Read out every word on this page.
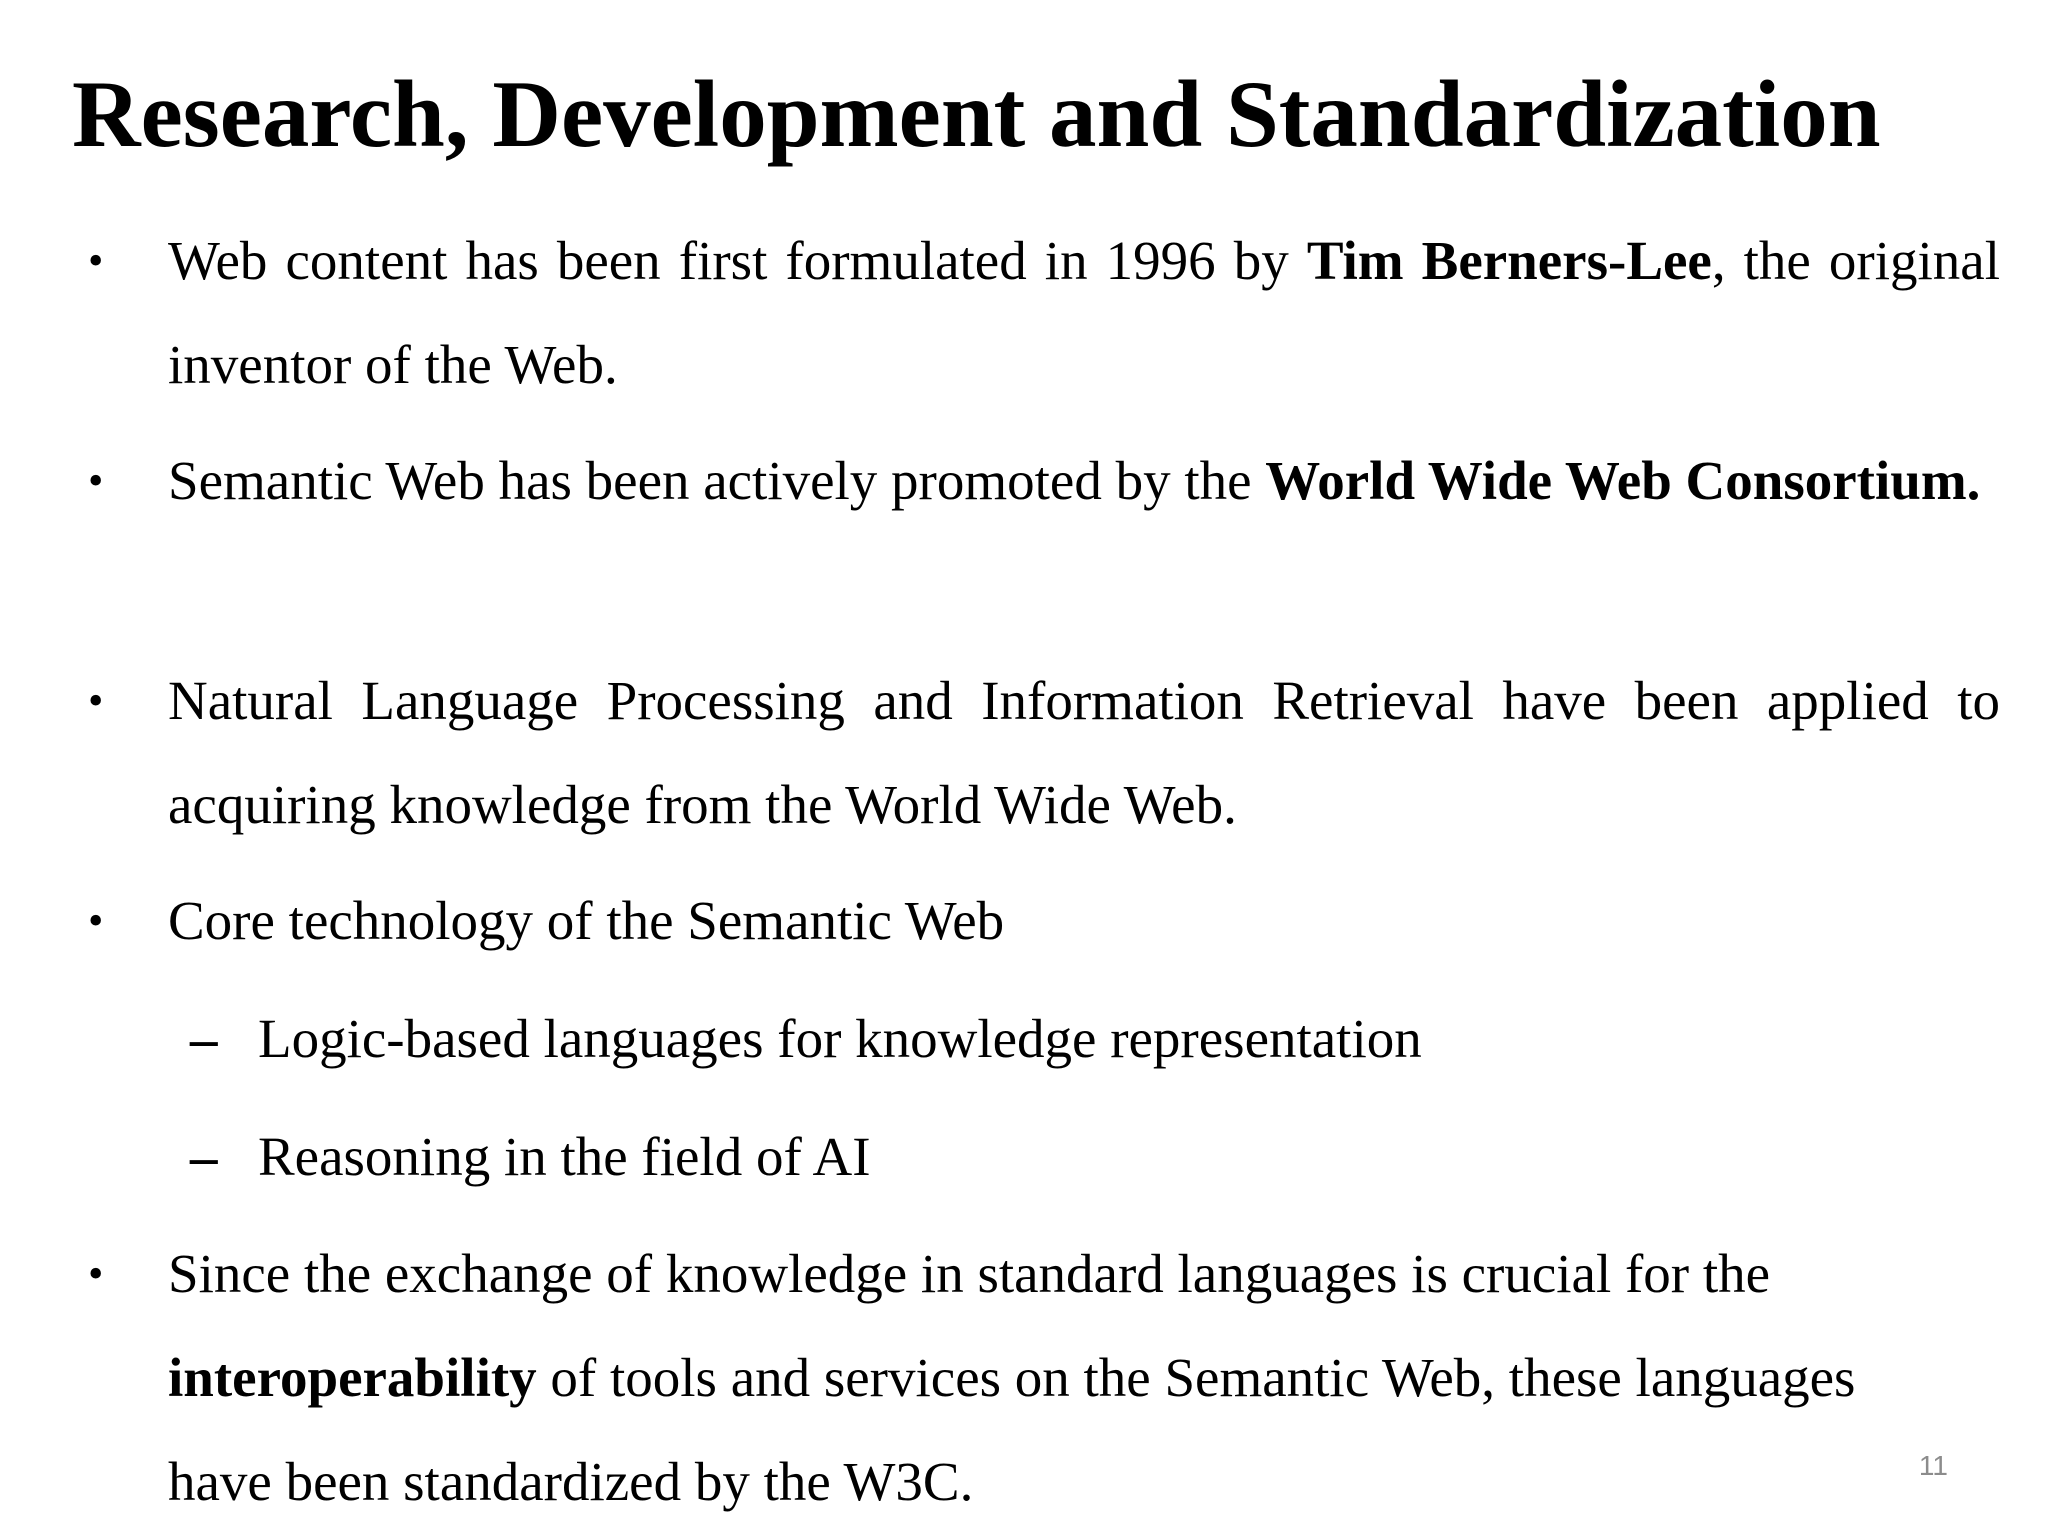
Research, Development and Standardization

• Web content has been first formulated in 1996 by Tim Berners-Lee, the original inventor of the Web.

• Semantic Web has been actively promoted by the World Wide Web Consortium.

• Natural Language Processing and Information Retrieval have been applied to acquiring knowledge from the World Wide Web.

• Core technology of the Semantic Web

– Logic-based languages for knowledge representation

– Reasoning in the field of AI

• Since the exchange of knowledge in standard languages is crucial for the
interoperability of tools and services on the Semantic Web, these languages
have been standardized by the W3C.	11
